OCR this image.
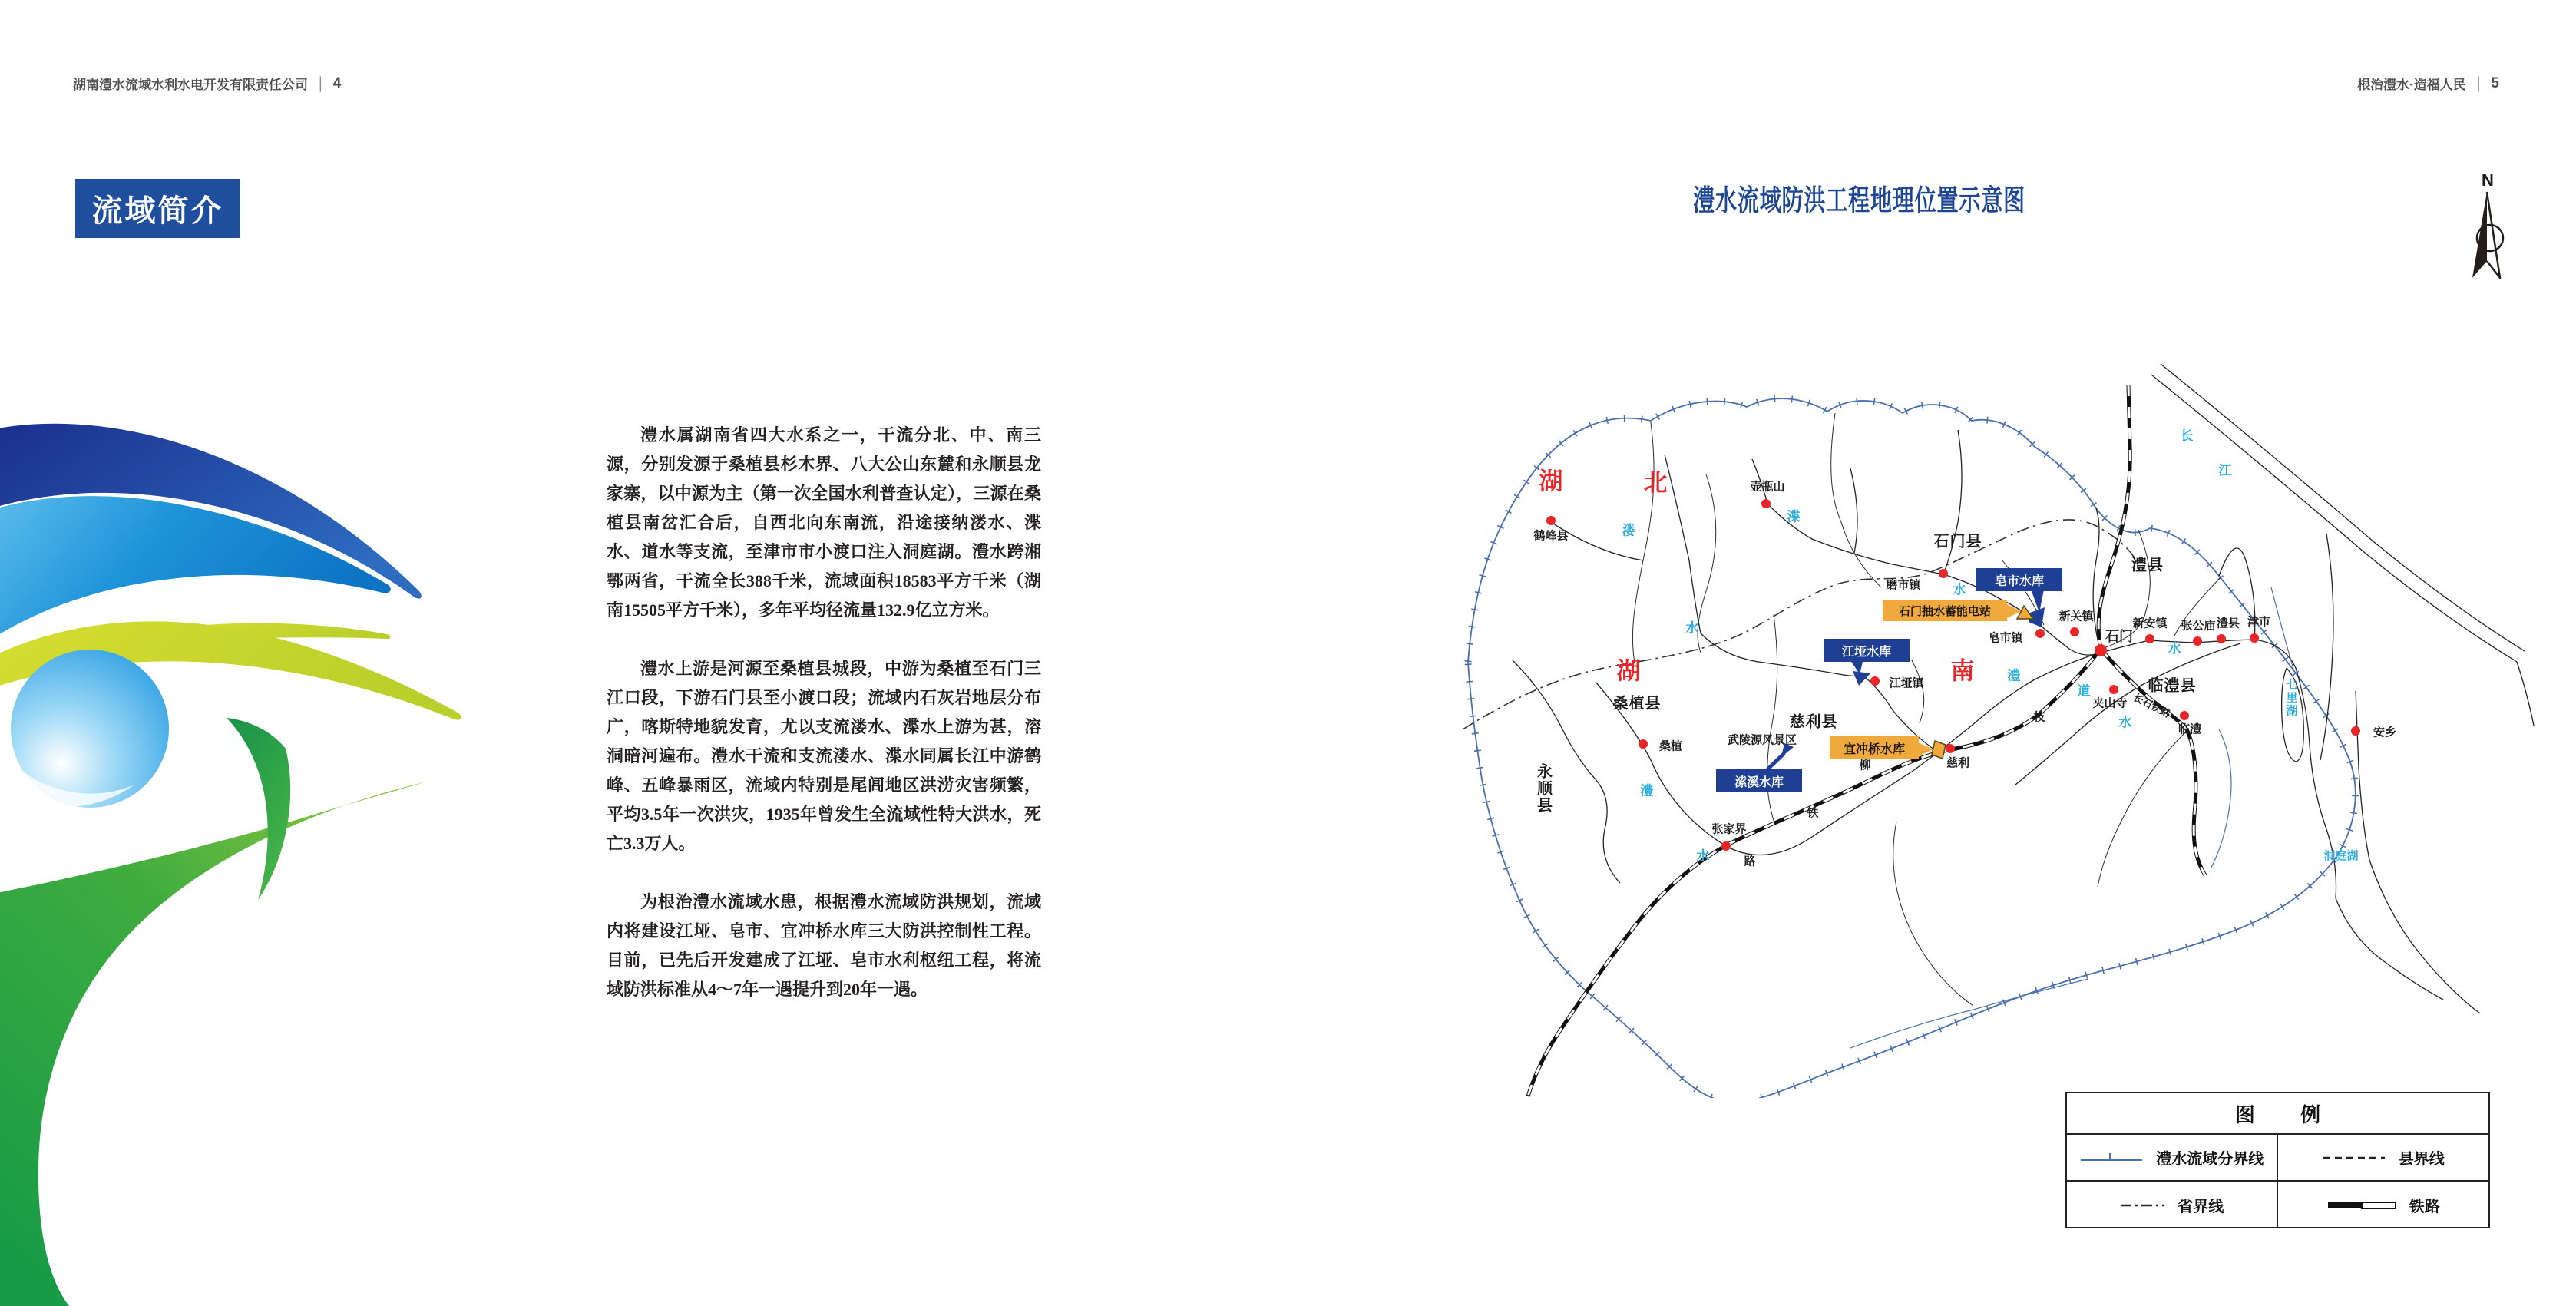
湖南澧水流域水利水电开发有限责任公司 | 4	根治澧水·造福人民 | 5
流域简介

澧水属湖南省四大水系之一，干流分北、中、南三源，分别发源于桑植县杉木界、八大公山东麓和永顺县龙家寨，以中源为主（第一次全国水利普查认定），三源在桑植县南岔汇合后，自西北向东南流，沿途接纳溇水、渫水、道水等支流，至津市市小渡口注入洞庭湖。澧水跨湘鄂两省，干流全长388千米，流域面积18583平方千米（湖南15505平方千米），多年平均径流量132.9亿立方米。

澧水上游是河源至桑植县城段，中游为桑植至石门三江口段，下游石门县至小渡口段；流域内石灰岩地层分布广，喀斯特地貌发育，尤以支流溇水、渫水上游为甚，溶洞暗河遍布。澧水干流和支流溇水、渫水同属长江中游鹤峰、五峰暴雨区，流域内特别是尾闾地区洪涝灾害频繁，平均3.5年一次洪灾，1935年曾发生全流域性特大洪水，死亡3.3万人。

为根治澧水流域水患，根据澧水流域防洪规划，流域内将建设江垭、皂市、宜冲桥水库三大防洪控制性工程。目前，已先后开发建成了江垭、皂市水利枢纽工程，将流域防洪标准从4～7年一遇提升到20年一遇。

澧水流域防洪工程地理位置示意图
N
湖	北
湖	南
石门县
澧县
临澧县
慈利县
桑植县
永顺县
鹤峰县
壶瓶山
磨市镇
皂市镇
新关镇
石门
新安镇 张公庙 澧县 津市
临澧
夹山寺
慈利
江垭镇
桑植
张家界
安乡
溇
水
渫
水
澧
水
澧
水
道
水
长
江
七里湖
洞庭湖
枝
柳
铁
路
长石铁路
皂市水库
江垭水库
溹溪水库
石门抽水蓄能电站
宜冲桥水库
武陵源风景区
图 例
澧水流域分界线	县界线
省界线	铁路
